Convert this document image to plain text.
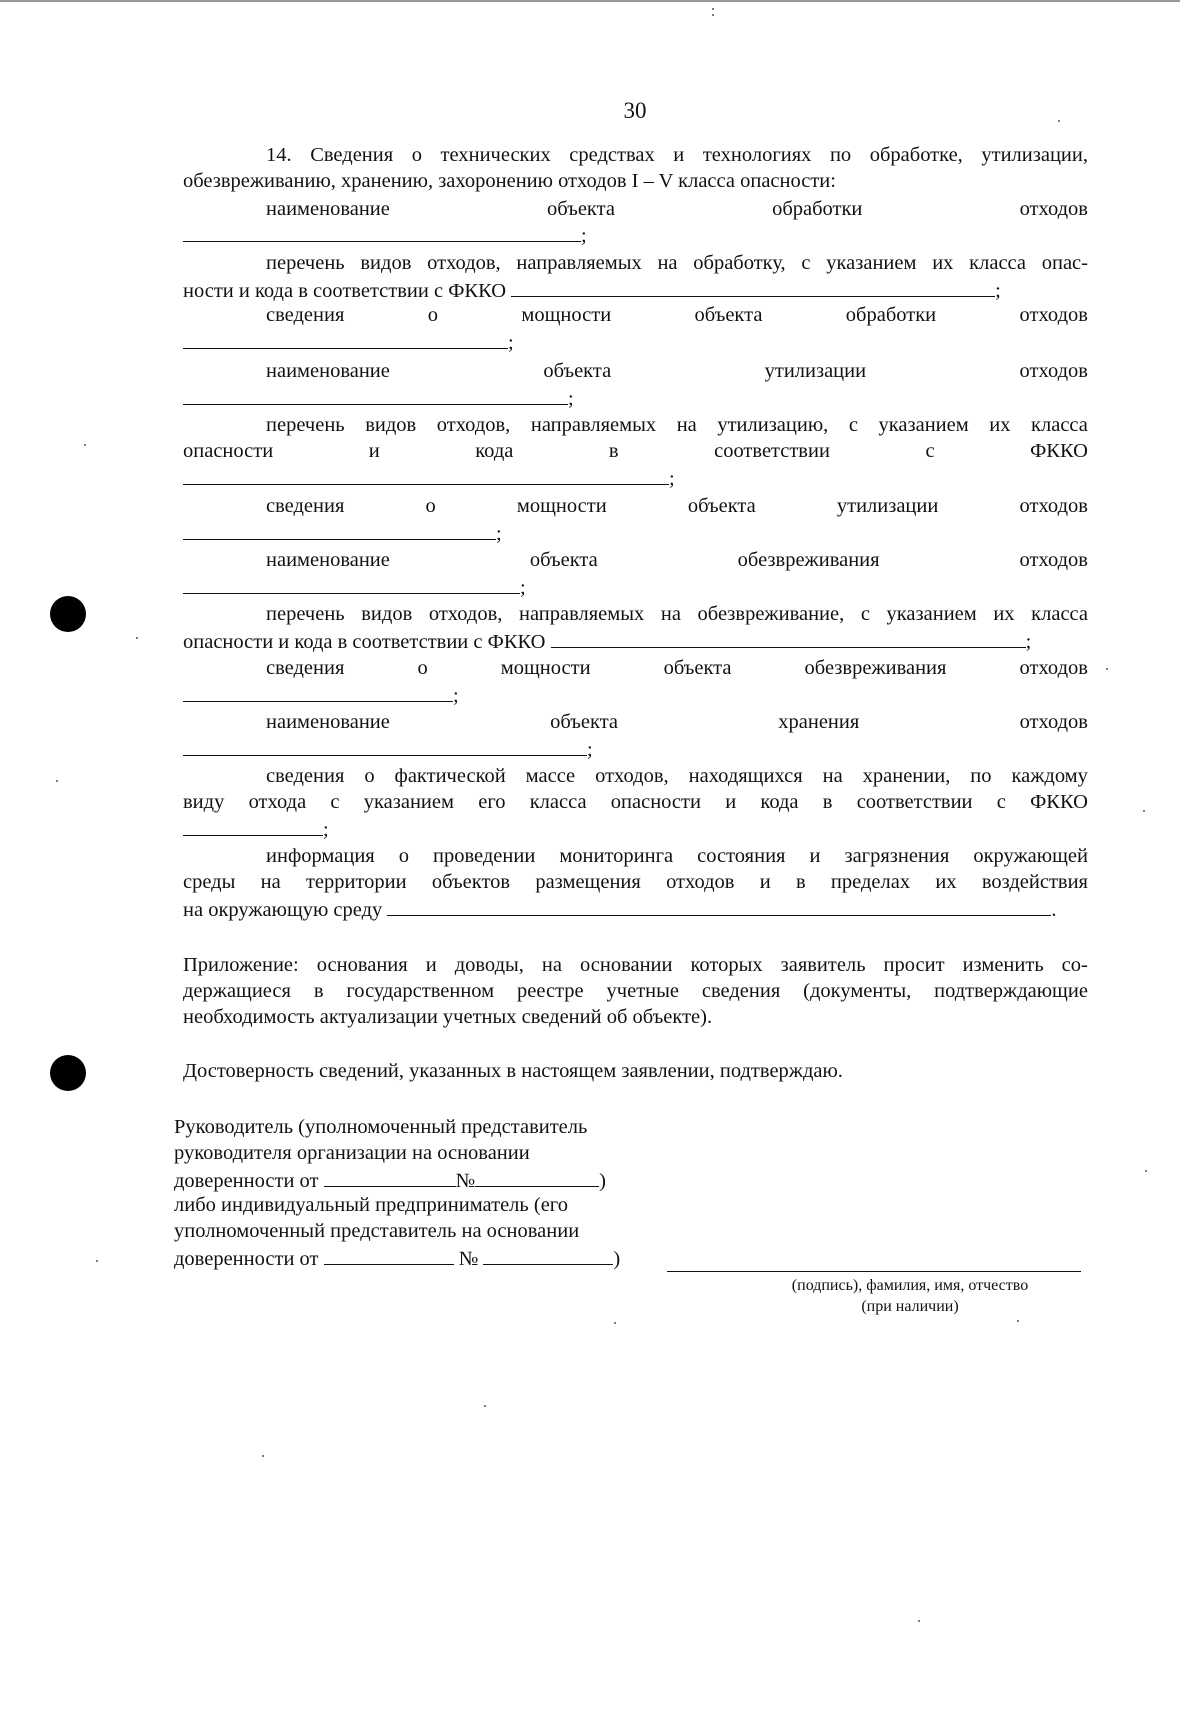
30
14. Сведения о технических средствах и технологиях по обработке, утилизации,
обезвреживанию, хранению, захоронению отходов I – V класса опасности:
наименование	объекта	обработки	отходов
;
перечень видов отходов, направляемых на обработку, с указанием их класса опас-
ности и кода в соответствии с ФККО	;
сведения	о	мощности	объекта	обработки	отходов
;
наименование	объекта	утилизации	отходов
;
перечень видов отходов, направляемых на утилизацию, с указанием их класса
опасности	и	кода	в	соответствии	с	ФККО
;
сведения	о	мощности	объекта	утилизации	отходов
;
наименование	объекта	обезвреживания	отходов
;
перечень видов отходов, направляемых на обезвреживание, с указанием их класса
опасности и кода в соответствии с ФККО	;
сведения	о	мощности	объекта	обезвреживания	отходов
;
наименование	объекта	хранения	отходов
;
сведения о фактической массе отходов, находящихся на хранении, по каждому
виду отхода с указанием его класса опасности и кода в соответствии с ФККО
;
информация о проведении мониторинга состояния и загрязнения окружающей
среды на территории объектов размещения отходов и в пределах их воздействия
на окружающую среду	.
Приложение: основания и доводы, на основании которых заявитель просит изменить со-
держащиеся в государственном реестре учетные сведения (документы, подтверждающие
необходимость актуализации учетных сведений об объекте).
Достоверность сведений, указанных в настоящем заявлении, подтверждаю.
Руководитель (уполномоченный представитель
руководителя организации на основании
доверенности от	№	)
либо индивидуальный предприниматель (его
уполномоченный представитель на основании
доверенности от	№	)
(подпись), фамилия, имя, отчество
(при наличии)
